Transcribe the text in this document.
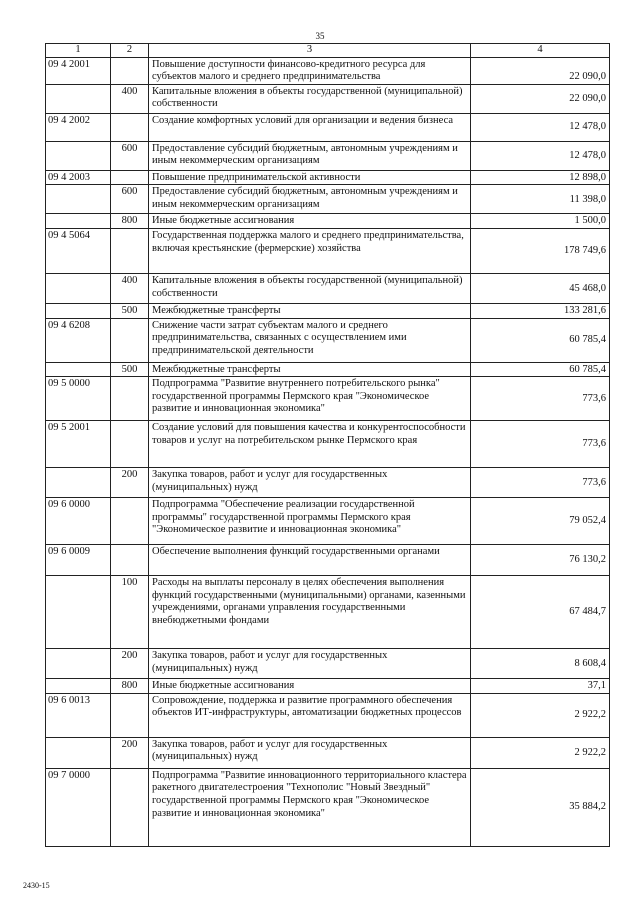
35
1	2	3	4
09 4 2001		Повышение доступности финансово-кредитного ресурса для субъектов малого и среднего предпринимательства	22 090,0
	400	Капитальные вложения в объекты государственной (муниципальной) собственности	22 090,0
09 4 2002		Создание комфортных условий для организации и ведения бизнеса	12 478,0
	600	Предоставление субсидий бюджетным, автономным учреждениям и иным некоммерческим организациям	12 478,0
09 4 2003		Повышение предпринимательской активности	12 898,0
	600	Предоставление субсидий бюджетным, автономным учреждениям и иным некоммерческим организациям	11 398,0
	800	Иные бюджетные ассигнования	1 500,0
09 4 5064		Государственная поддержка малого и среднего предпринимательства, включая крестьянские (фермерские) хозяйства	178 749,6
	400	Капитальные вложения в объекты государственной (муниципальной) собственности	45 468,0
	500	Межбюджетные трансферты	133 281,6
09 4 6208		Снижение части затрат субъектам малого и среднего предпринимательства, связанных с осуществлением ими предпринимательской деятельности	60 785,4
	500	Межбюджетные трансферты	60 785,4
09 5 0000		Подпрограмма "Развитие внутреннего потребительского рынка" государственной программы Пермского края "Экономическое развитие и инновационная экономика"	773,6
09 5 2001		Создание условий для повышения качества и конкурентоспособности товаров и услуг на потребительском рынке Пермского края	773,6
	200	Закупка товаров, работ и услуг для государственных (муниципальных) нужд	773,6
09 6 0000		Подпрограмма "Обеспечение реализации государственной программы" государственной программы Пермского края "Экономическое развитие и инновационная экономика"	79 052,4
09 6 0009		Обеспечение выполнения функций государственными органами	76 130,2
	100	Расходы на выплаты персоналу в целях обеспечения выполнения функций государственными (муниципальными) органами, казенными учреждениями, органами управления государственными внебюджетными фондами	67 484,7
	200	Закупка товаров, работ и услуг для государственных (муниципальных) нужд	8 608,4
	800	Иные бюджетные ассигнования	37,1
09 6 0013		Сопровождение, поддержка и развитие программного обеспечения объектов ИТ-инфраструктуры, автоматизации бюджетных процессов	2 922,2
	200	Закупка товаров, работ и услуг для государственных (муниципальных) нужд	2 922,2
09 7 0000		Подпрограмма "Развитие инновационного территориального кластера ракетного двигателестроения "Технополис "Новый Звездный" государственной программы Пермского края "Экономическое развитие и инновационная экономика"	35 884,2
2430-15
